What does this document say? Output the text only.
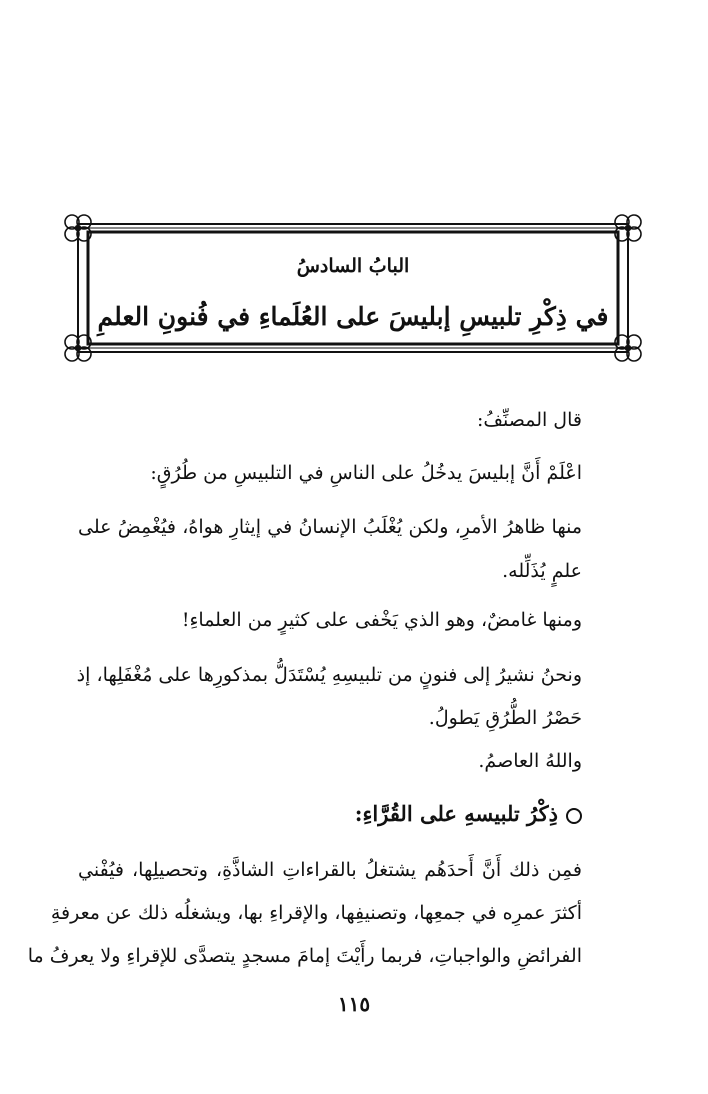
البابُ السادسُ
في ذِكْرِ تلبيسِ إبليسَ على العُلَماءِ في فُنونِ العلمِ
قال المصنِّفُ:
اعْلَمْ أَنَّ إبليسَ يدخُلُ على الناسِ في التلبيسِ من طُرُقٍ:
منها ظاهرُ الأمرِ، ولكن يُغْلَبُ الإنسانُ في إيثارِ هواهُ، فيُغْمِضُ على
علمٍ يُذَلِّله.
ومنها غامضٌ، وهو الذي يَخْفى على كثيرٍ من العلماءِ!
ونحنُ نشيرُ إلى فنونٍ من تلبيسِهِ يُسْتَدَلُّ بمذكورِها على مُغْفَلِها، إذ
حَصْرُ الطُّرُقِ يَطولُ.
واللهُ العاصمُ.
ذِكْرُ تلبيسهِ على القُرَّاءِ:
فمِن ذلك أَنَّ أَحدَهُم يشتغلُ بالقراءاتِ الشاذَّةِ، وتحصيلِها، فيُفْني
أكثرَ عمرِه في جمعِها، وتصنيفِها، والإقراءِ بها، ويشغلُه ذلك عن معرفةِ
الفرائضِ والواجباتِ، فربما رأَيْتَ إمامَ مسجدٍ يتصدَّى للإقراءِ ولا يعرفُ ما
١١٥
